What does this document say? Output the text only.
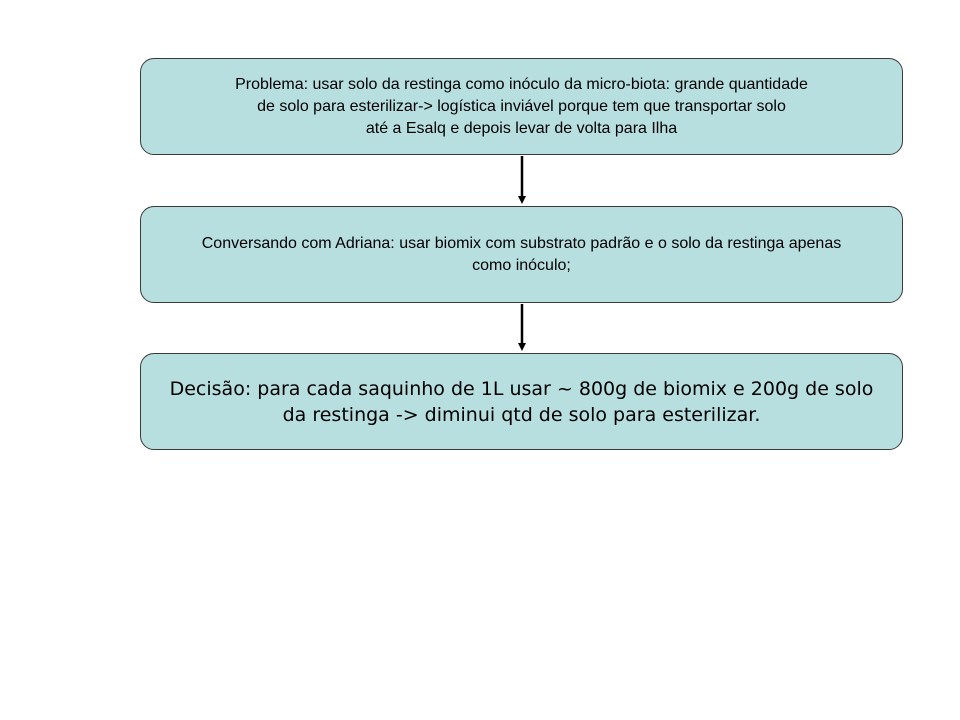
Problema: usar solo da restinga como inóculo da micro-biota: grande quantidade
de solo para esterilizar-> logística inviável porque tem que transportar solo
até a Esalq e depois levar de volta para Ilha
Conversando com Adriana: usar biomix com substrato padrão e o solo da restinga apenas
como inóculo;
Decisão: para cada saquinho de 1L usar ~ 800g de biomix e 200g de solo
da restinga -> diminui qtd de solo para esterilizar.
